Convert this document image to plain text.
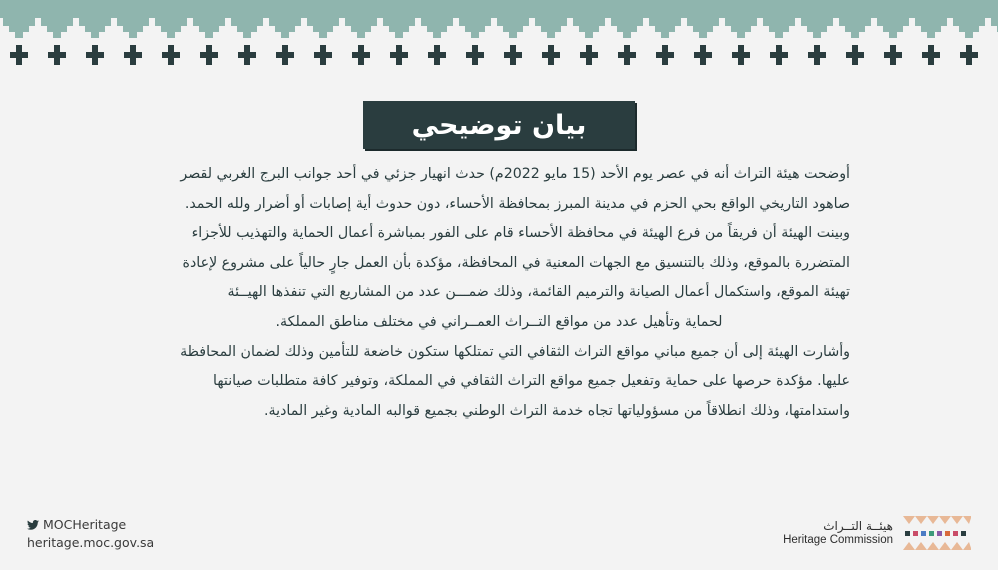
بيان توضيحي
أوضحت هيئة التراث أنه في عصر يوم الأحد (15 مايو 2022م) حدث انهيار جزئي في أحد جوانب البرج الغربي لقصر
صاهود التاريخي الواقع بحي الحزم في مدينة المبرز بمحافظة الأحساء، دون حدوث أية إصابات أو أضرار ولله الحمد.
وبينت الهيئة أن فريقاً من فرع الهيئة في محافظة الأحساء قام على الفور بمباشرة أعمال الحماية والتهذيب للأجزاء
المتضررة بالموقع، وذلك بالتنسيق مع الجهات المعنية في المحافظة، مؤكدة بأن العمل جارٍ حالياً على مشروع لإعادة
تهيئة الموقع، واستكمال أعمال الصيانة والترميم القائمة، وذلك ضمـــن عدد من المشاريع التي تنفذها الهيــئة
لحماية وتأهيل عدد من مواقع التــراث العمــراني في مختلف مناطق المملكة.
وأشارت الهيئة إلى أن جميع مباني مواقع التراث الثقافي التي تمتلكها ستكون خاضعة للتأمين وذلك لضمان المحافظة
عليها. مؤكدة حرصها على حماية وتفعيل جميع مواقع التراث الثقافي في المملكة، وتوفير كافة متطلبات صيانتها
واستدامتها، وذلك انطلاقاً من مسؤولياتها تجاه خدمة التراث الوطني بجميع قوالبه المادية وغير المادية.
MOCHeritage
heritage.moc.gov.sa
هيئــة التــراث
Heritage Commission
